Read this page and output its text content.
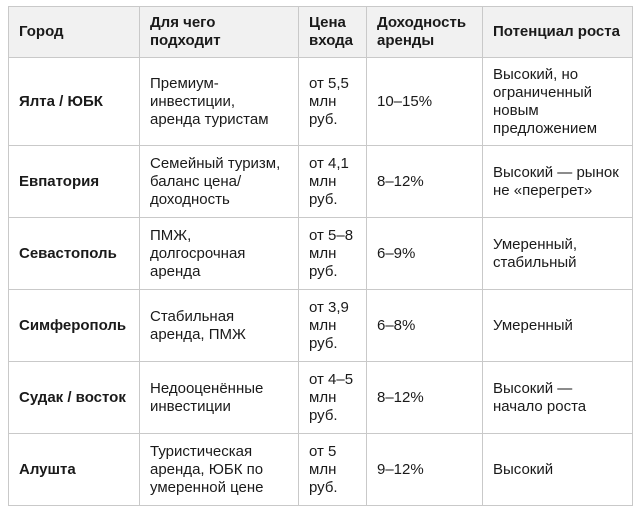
Город	Для чего подходит	Цена входа	Доходность аренды	Потенциал роста
Ялта / ЮБК	Премиум-инвестиции, аренда туристам	от 5,5 млн руб.	10–15%	Высокий, но ограниченный новым предложением
Евпатория	Семейный туризм, баланс цена/доходность	от 4,1 млн руб.	8–12%	Высокий — рынок не «перегрет»
Севастополь	ПМЖ, долгосрочная аренда	от 5–8 млн руб.	6–9%	Умеренный, стабильный
Симферополь	Стабильная аренда, ПМЖ	от 3,9 млн руб.	6–8%	Умеренный
Судак / восток	Недооценённые инвестиции	от 4–5 млн руб.	8–12%	Высокий — начало роста
Алушта	Туристическая аренда, ЮБК по умеренной цене	от 5 млн руб.	9–12%	Высокий
